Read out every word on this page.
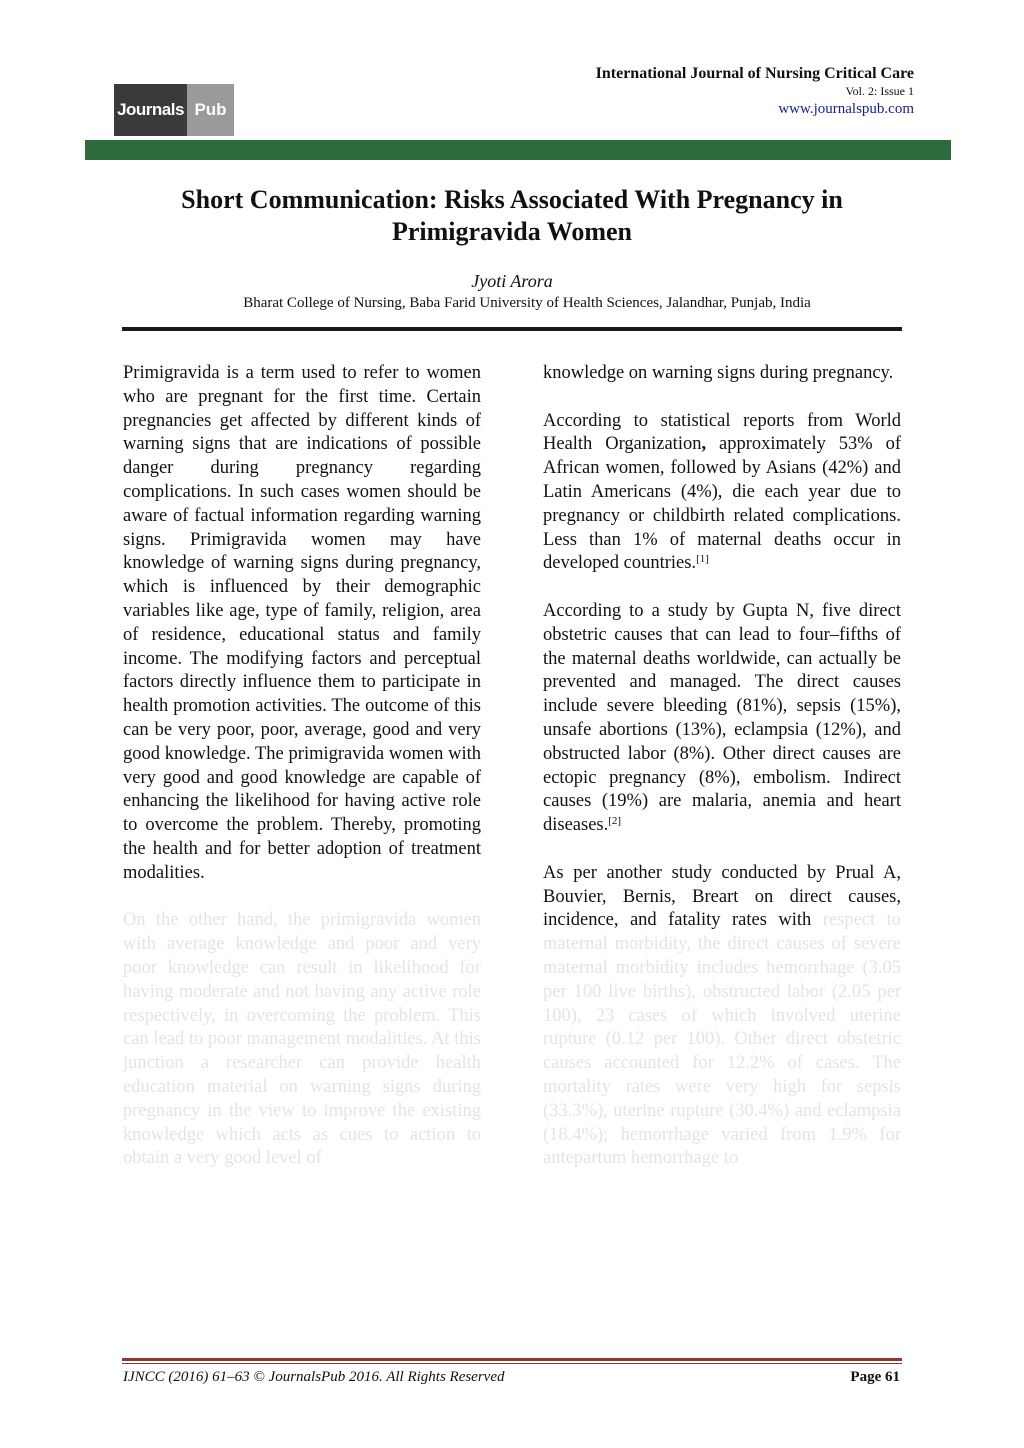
Journals Pub
International Journal of Nursing Critical Care
Vol. 2: Issue 1
www.journalspub.com
Short Communication: Risks Associated With Pregnancy in Primigravida Women
Jyoti Arora
Bharat College of Nursing, Baba Farid University of Health Sciences, Jalandhar, Punjab, India

Primigravida is a term used to refer to women who are pregnant for the first time. Certain pregnancies get affected by different kinds of warning signs that are indications of possible danger during pregnancy regarding complications. In such cases women should be aware of factual information regarding warning signs. Primigravida women may have knowledge of warning signs during pregnancy, which is influenced by their demographic variables like age, type of family, religion, area of residence, educational status and family income. The modifying factors and perceptual factors directly influence them to participate in health promotion activities. The outcome of this can be very poor, poor, average, good and very good knowledge. The primigravida women with very good and good knowledge are capable of enhancing the likelihood for having active role to overcome the problem. Thereby, promoting the health and for better adoption of treatment modalities.

On the other hand, the primigravida women with average knowledge and poor and very poor knowledge can result in likelihood for having moderate and not having any active role respectively, in overcoming the problem. This can lead to poor management modalities. At this junction a researcher can provide health education material on warning signs during pregnancy in the view to improve the existing knowledge which acts as cues to action to obtain a very good level of

knowledge on warning signs during pregnancy.

According to statistical reports from World Health Organization, approximately 53% of African women, followed by Asians (42%) and Latin Americans (4%), die each year due to pregnancy or childbirth related complications. Less than 1% of maternal deaths occur in developed countries.[1]

According to a study by Gupta N, five direct obstetric causes that can lead to four–fifths of the maternal deaths worldwide, can actually be prevented and managed. The direct causes include severe bleeding (81%), sepsis (15%), unsafe abortions (13%), eclampsia (12%), and obstructed labor (8%). Other direct causes are ectopic pregnancy (8%), embolism. Indirect causes (19%) are malaria, anemia and heart diseases.[2]

As per another study conducted by Prual A, Bouvier, Bernis, Breart on direct causes, incidence, and fatality rates with respect to maternal morbidity, the direct causes of severe maternal morbidity includes hemorrhage (3.05 per 100 live births), obstructed labor (2.05 per 100), 23 cases of which involved uterine rupture (0.12 per 100). Other direct obstetric causes accounted for 12.2% of cases. The mortality rates were very high for sepsis (33.3%), uterine rupture (30.4%) and eclampsia (18.4%); hemorrhage varied from 1.9% for antepartum hemorrhage to

IJNCC (2016) 61–63 © JournalsPub 2016. All Rights Reserved	Page 61
